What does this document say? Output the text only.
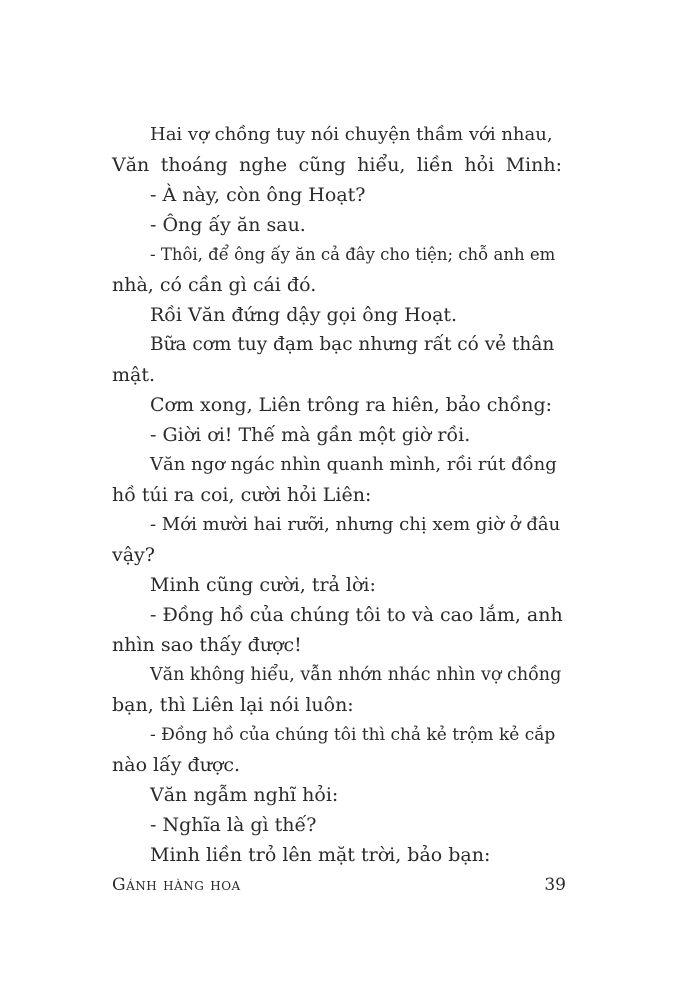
Hai vợ chồng tuy nói chuyện thầm với nhau,
Văn thoáng nghe cũng hiểu, liền hỏi Minh:
- À này, còn ông Hoạt?
- Ông ấy ăn sau.
- Thôi, để ông ấy ăn cả đây cho tiện; chỗ anh em
nhà, có cần gì cái đó.
Rồi Văn đứng dậy gọi ông Hoạt.
Bữa cơm tuy đạm bạc nhưng rất có vẻ thân
mật.
Cơm xong, Liên trông ra hiên, bảo chồng:
- Giời ơi! Thế mà gần một giờ rồi.
Văn ngơ ngác nhìn quanh mình, rồi rút đồng
hồ túi ra coi, cười hỏi Liên:
- Mới mười hai rưỡi, nhưng chị xem giờ ở đâu
vậy?
Minh cũng cười, trả lời:
- Đồng hồ của chúng tôi to và cao lắm, anh
nhìn sao thấy được!
Văn không hiểu, vẫn nhớn nhác nhìn vợ chồng
bạn, thì Liên lại nói luôn:
- Đồng hồ của chúng tôi thì chả kẻ trộm kẻ cắp
nào lấy được.
Văn ngẫm nghĩ hỏi:
- Nghĩa là gì thế?
Minh liền trỏ lên mặt trời, bảo bạn:
Gánh hàng hoa	39
